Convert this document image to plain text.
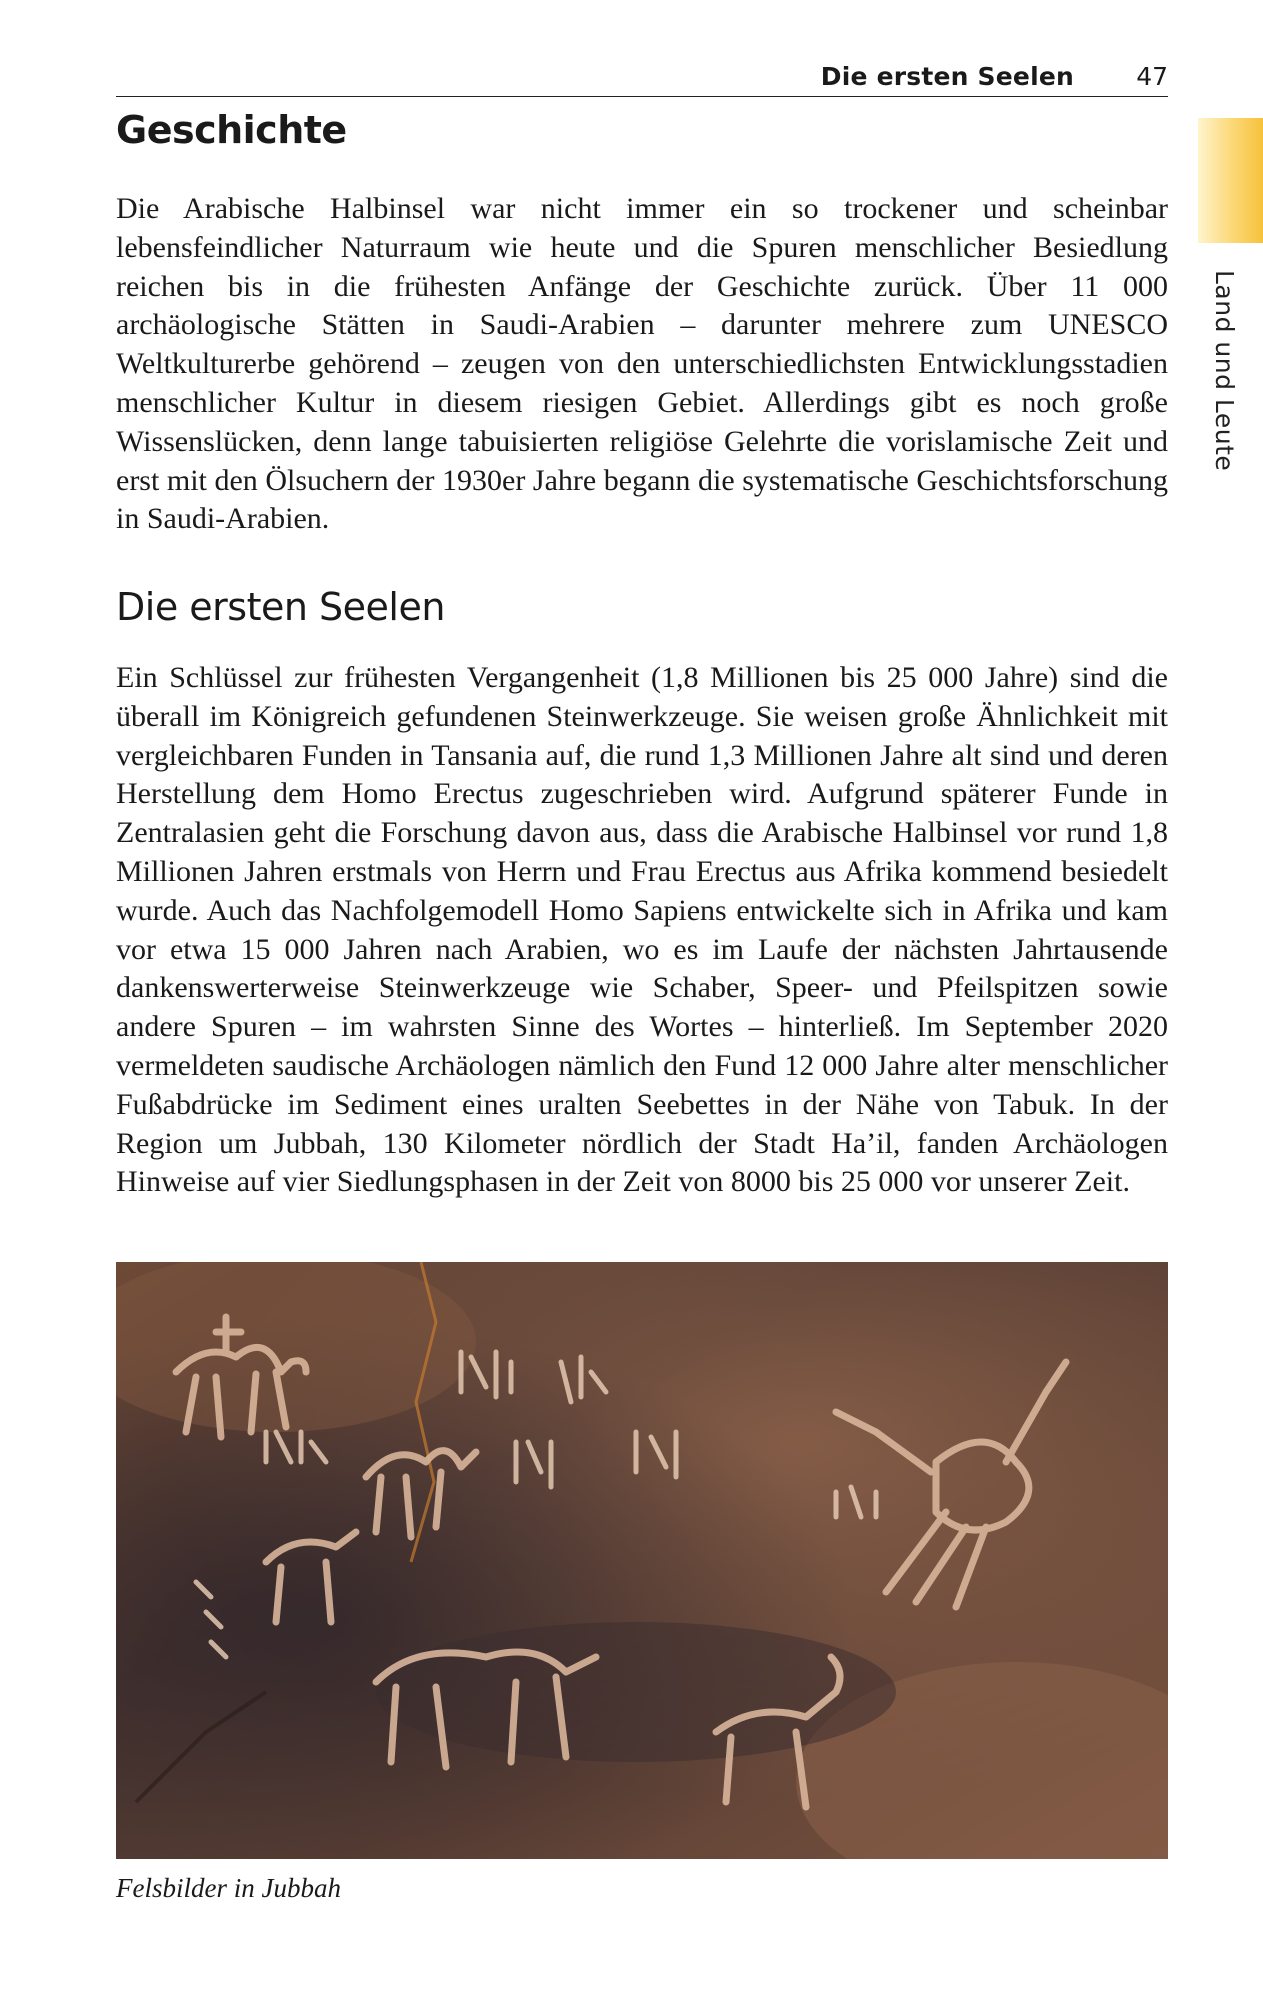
Die ersten Seelen 47
Land und Leute
Geschichte

Die Arabische Halbinsel war nicht immer ein so trockener und scheinbar lebensfeindlicher Naturraum wie heute und die Spuren menschlicher Besiedlung reichen bis in die frühesten Anfänge der Geschichte zurück. Über 11 000 archäologische Stätten in Saudi-Arabien – darunter mehrere zum UNESCO Weltkulturerbe gehörend – zeugen von den unterschiedlichsten Entwicklungsstadien menschlicher Kultur in diesem riesigen Gebiet. Allerdings gibt es noch große Wissenslücken, denn lange tabuisierten religiöse Gelehrte die vorislamische Zeit und erst mit den Ölsuchern der 1930er Jahre begann die systematische Geschichtsforschung in Saudi-Arabien.

Die ersten Seelen

Ein Schlüssel zur frühesten Vergangenheit (1,8 Millionen bis 25 000 Jahre) sind die überall im Königreich gefundenen Steinwerkzeuge. Sie weisen große Ähnlichkeit mit vergleichbaren Funden in Tansania auf, die rund 1,3 Millionen Jahre alt sind und deren Herstellung dem Homo Erectus zugeschrieben wird. Aufgrund späterer Funde in Zentralasien geht die Forschung davon aus, dass die Arabische Halbinsel vor rund 1,8 Millionen Jahren erstmals von Herrn und Frau Erectus aus Afrika kommend besiedelt wurde. Auch das Nachfolgemodell Homo Sapiens entwickelte sich in Afrika und kam vor etwa 15 000 Jahren nach Arabien, wo es im Laufe der nächsten Jahrtausende dankenswerterweise Steinwerkzeuge wie Schaber, Speer- und Pfeilspitzen sowie andere Spuren – im wahrsten Sinne des Wortes – hinterließ. Im September 2020 vermeldeten saudische Archäologen nämlich den Fund 12 000 Jahre alter menschlicher Fußabdrücke im Sediment eines uralten Seebettes in der Nähe von Tabuk. In der Region um Jubbah, 130 Kilometer nördlich der Stadt Ha’il, fanden Archäologen Hinweise auf vier Siedlungsphasen in der Zeit von 8000 bis 25 000 vor unserer Zeit.

Felsbilder in Jubbah
